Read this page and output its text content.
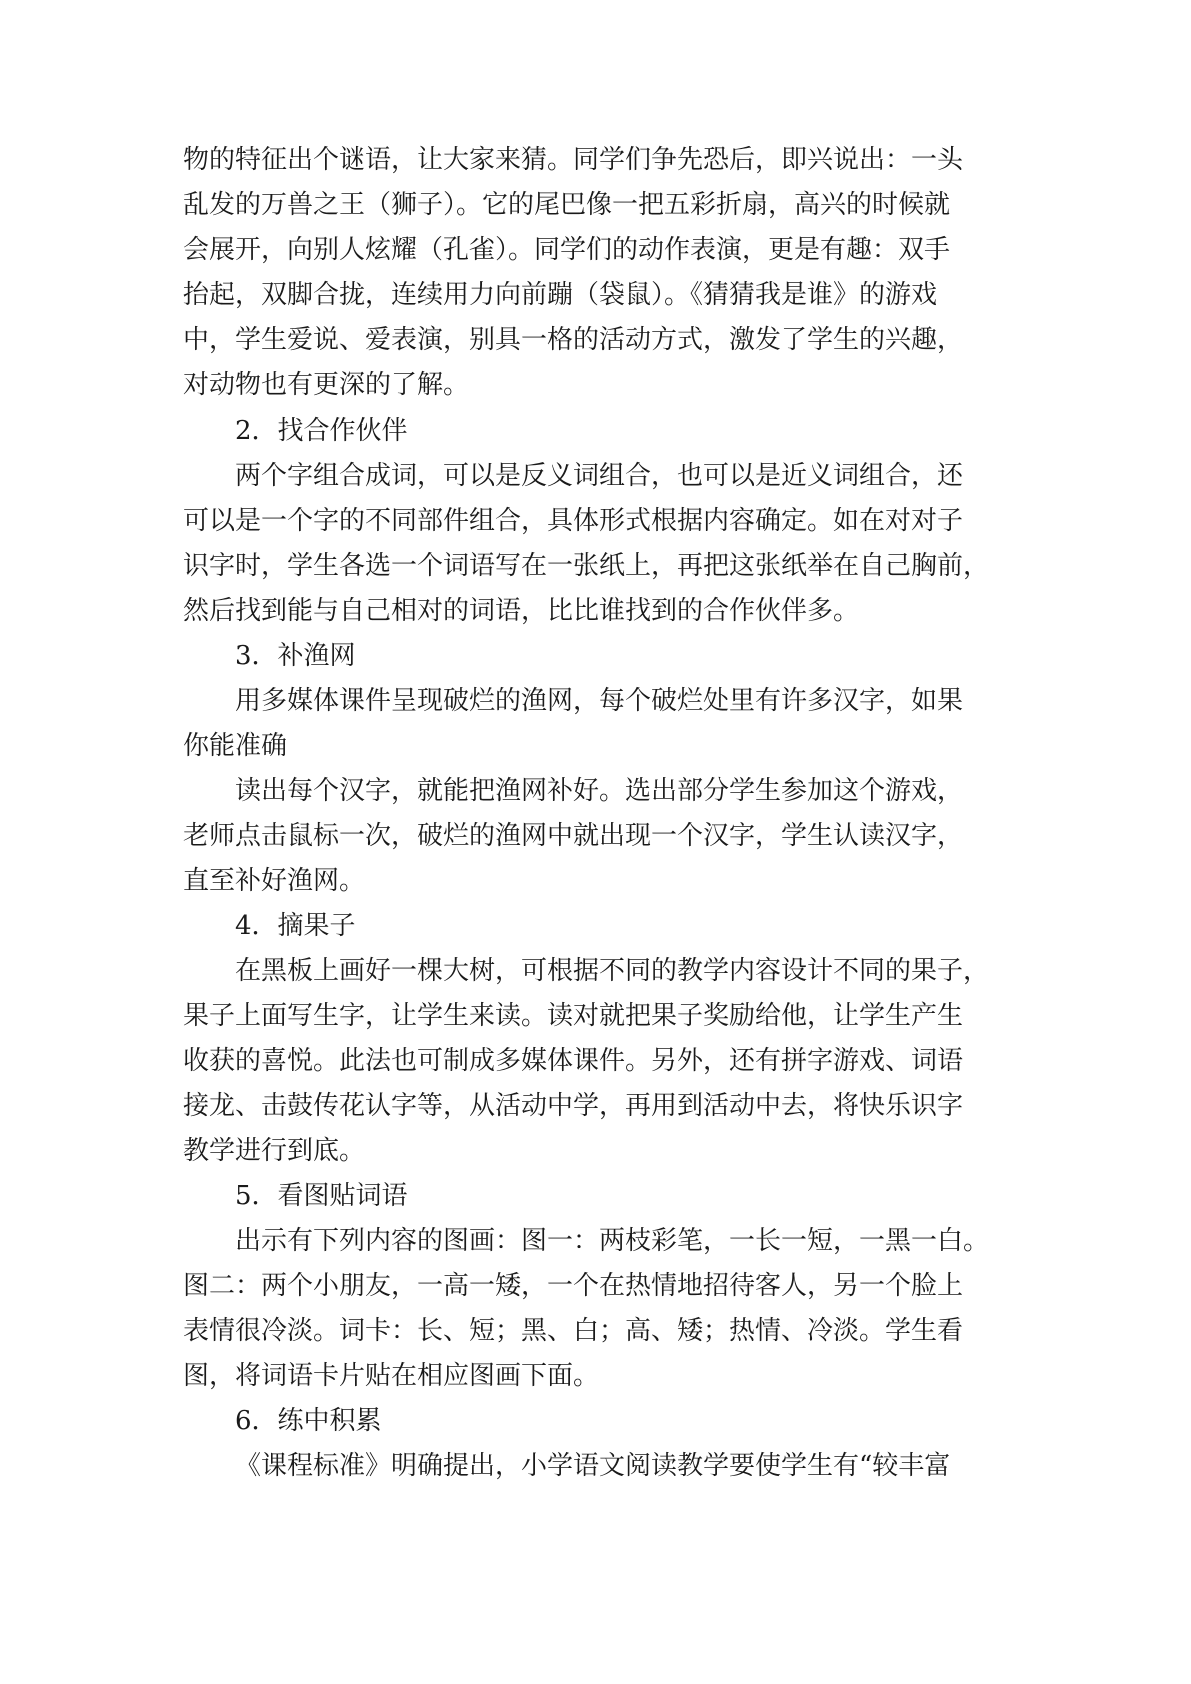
物的特征出个谜语，让大家来猜。同学们争先恐后，即兴说出：一头
乱发的万兽之王（狮子）。它的尾巴像一把五彩折扇，高兴的时候就
会展开，向别人炫耀（孔雀）。同学们的动作表演，更是有趣：双手
抬起，双脚合拢，连续用力向前蹦（袋鼠）。《猜猜我是谁》的游戏
中，学生爱说、爱表演，别具一格的活动方式，激发了学生的兴趣，
对动物也有更深的了解。
2．找合作伙伴
两个字组合成词，可以是反义词组合，也可以是近义词组合，还
可以是一个字的不同部件组合，具体形式根据内容确定。如在对对子
识字时，学生各选一个词语写在一张纸上，再把这张纸举在自己胸前，
然后找到能与自己相对的词语，比比谁找到的合作伙伴多。
3．补渔网
用多媒体课件呈现破烂的渔网，每个破烂处里有许多汉字，如果
你能准确
读出每个汉字，就能把渔网补好。选出部分学生参加这个游戏，
老师点击鼠标一次，破烂的渔网中就出现一个汉字，学生认读汉字，
直至补好渔网。
4．摘果子
在黑板上画好一棵大树，可根据不同的教学内容设计不同的果子，
果子上面写生字，让学生来读。读对就把果子奖励给他，让学生产生
收获的喜悦。此法也可制成多媒体课件。另外，还有拼字游戏、词语
接龙、击鼓传花认字等，从活动中学，再用到活动中去，将快乐识字
教学进行到底。
5．看图贴词语
出示有下列内容的图画：图一：两枝彩笔，一长一短，一黑一白。
图二：两个小朋友，一高一矮，一个在热情地招待客人，另一个脸上
表情很冷淡。词卡：长、短；黑、白；高、矮；热情、冷淡。学生看
图，将词语卡片贴在相应图画下面。
6．练中积累
《课程标准》明确提出，小学语文阅读教学要使学生有“较丰富
